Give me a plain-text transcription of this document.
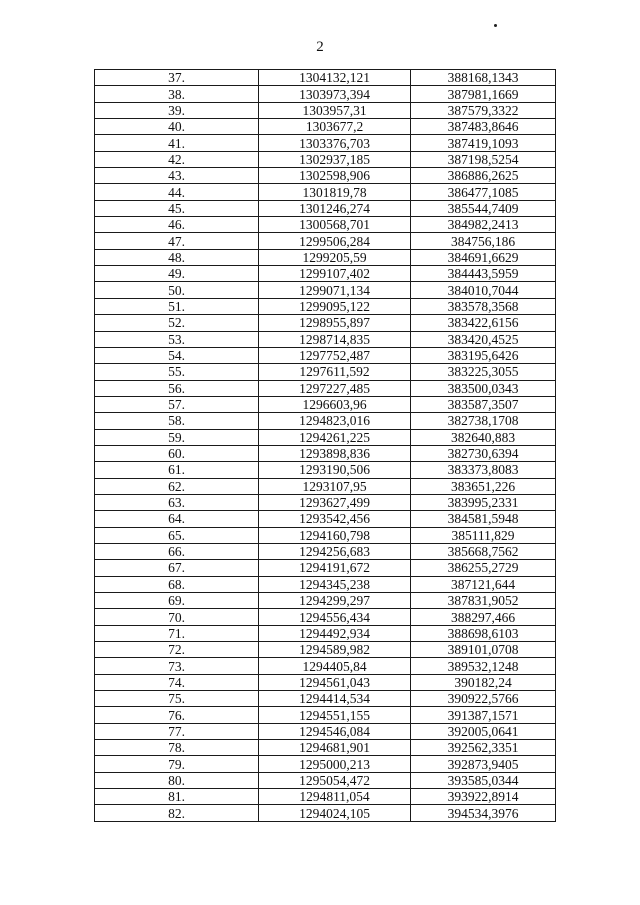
2
37.	1304132,121	388168,1343
38.	1303973,394	387981,1669
39.	1303957,31	387579,3322
40.	1303677,2	387483,8646
41.	1303376,703	387419,1093
42.	1302937,185	387198,5254
43.	1302598,906	386886,2625
44.	1301819,78	386477,1085
45.	1301246,274	385544,7409
46.	1300568,701	384982,2413
47.	1299506,284	384756,186
48.	1299205,59	384691,6629
49.	1299107,402	384443,5959
50.	1299071,134	384010,7044
51.	1299095,122	383578,3568
52.	1298955,897	383422,6156
53.	1298714,835	383420,4525
54.	1297752,487	383195,6426
55.	1297611,592	383225,3055
56.	1297227,485	383500,0343
57.	1296603,96	383587,3507
58.	1294823,016	382738,1708
59.	1294261,225	382640,883
60.	1293898,836	382730,6394
61.	1293190,506	383373,8083
62.	1293107,95	383651,226
63.	1293627,499	383995,2331
64.	1293542,456	384581,5948
65.	1294160,798	385111,829
66.	1294256,683	385668,7562
67.	1294191,672	386255,2729
68.	1294345,238	387121,644
69.	1294299,297	387831,9052
70.	1294556,434	388297,466
71.	1294492,934	388698,6103
72.	1294589,982	389101,0708
73.	1294405,84	389532,1248
74.	1294561,043	390182,24
75.	1294414,534	390922,5766
76.	1294551,155	391387,1571
77.	1294546,084	392005,0641
78.	1294681,901	392562,3351
79.	1295000,213	392873,9405
80.	1295054,472	393585,0344
81.	1294811,054	393922,8914
82.	1294024,105	394534,3976
